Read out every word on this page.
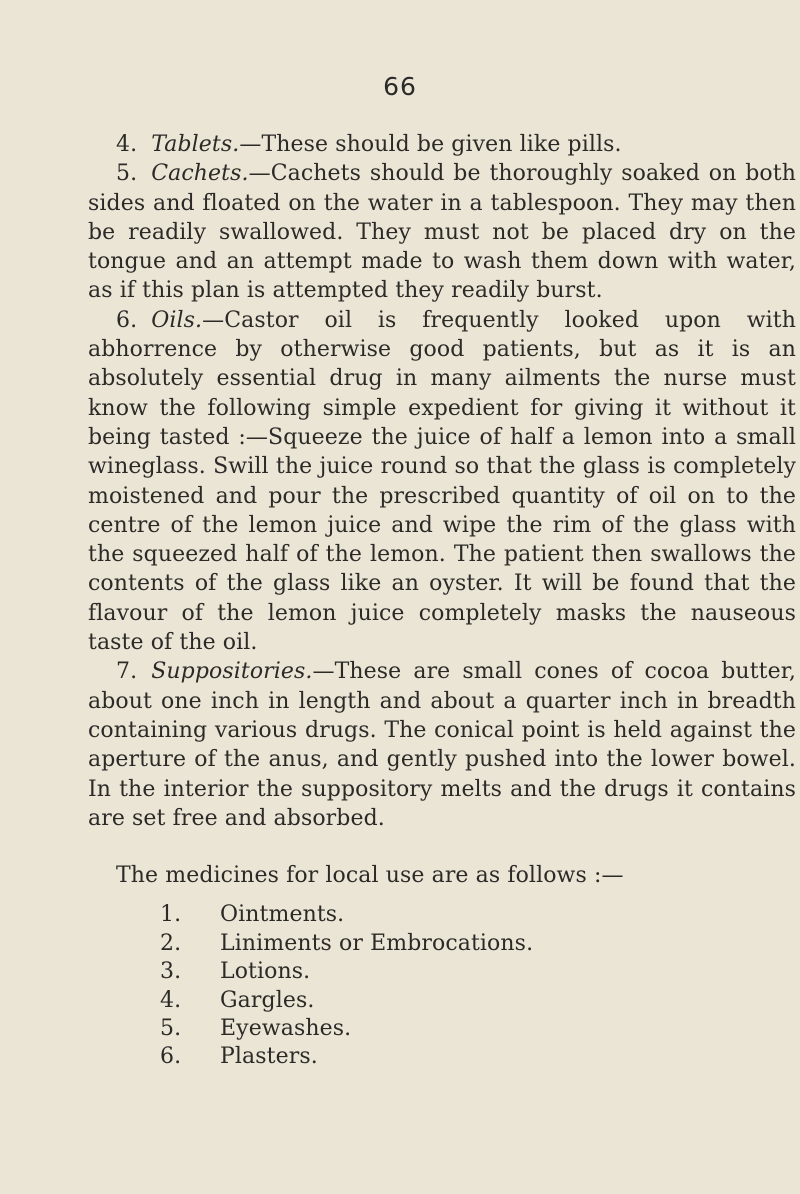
66

4. Tablets.—These should be given like pills.

5. Cachets.—Cachets should be thoroughly soaked on both sides and floated on the water in a tablespoon. They may then be readily swallowed. They must not be placed dry on the tongue and an attempt made to wash them down with water, as if this plan is attempted they readily burst.

6. Oils.—Castor oil is frequently looked upon with abhorrence by otherwise good patients, but as it is an absolutely essential drug in many ailments the nurse must know the following simple expedient for giving it without it being tasted :—Squeeze the juice of half a lemon into a small wineglass. Swill the juice round so that the glass is completely moistened and pour the prescribed quantity of oil on to the centre of the lemon juice and wipe the rim of the glass with the squeezed half of the lemon. The patient then swallows the contents of the glass like an oyster. It will be found that the flavour of the lemon juice completely masks the nauseous taste of the oil.

7. Suppositories.—These are small cones of cocoa butter, about one inch in length and about a quarter inch in breadth containing various drugs. The conical point is held against the aperture of the anus, and gently pushed into the lower bowel. In the interior the suppository melts and the drugs it contains are set free and absorbed.

The medicines for local use are as follows :—

1.	Ointments.
2.	Liniments or Embrocations.
3.	Lotions.
4.	Gargles.
5.	Eyewashes.
6.	Plasters.
